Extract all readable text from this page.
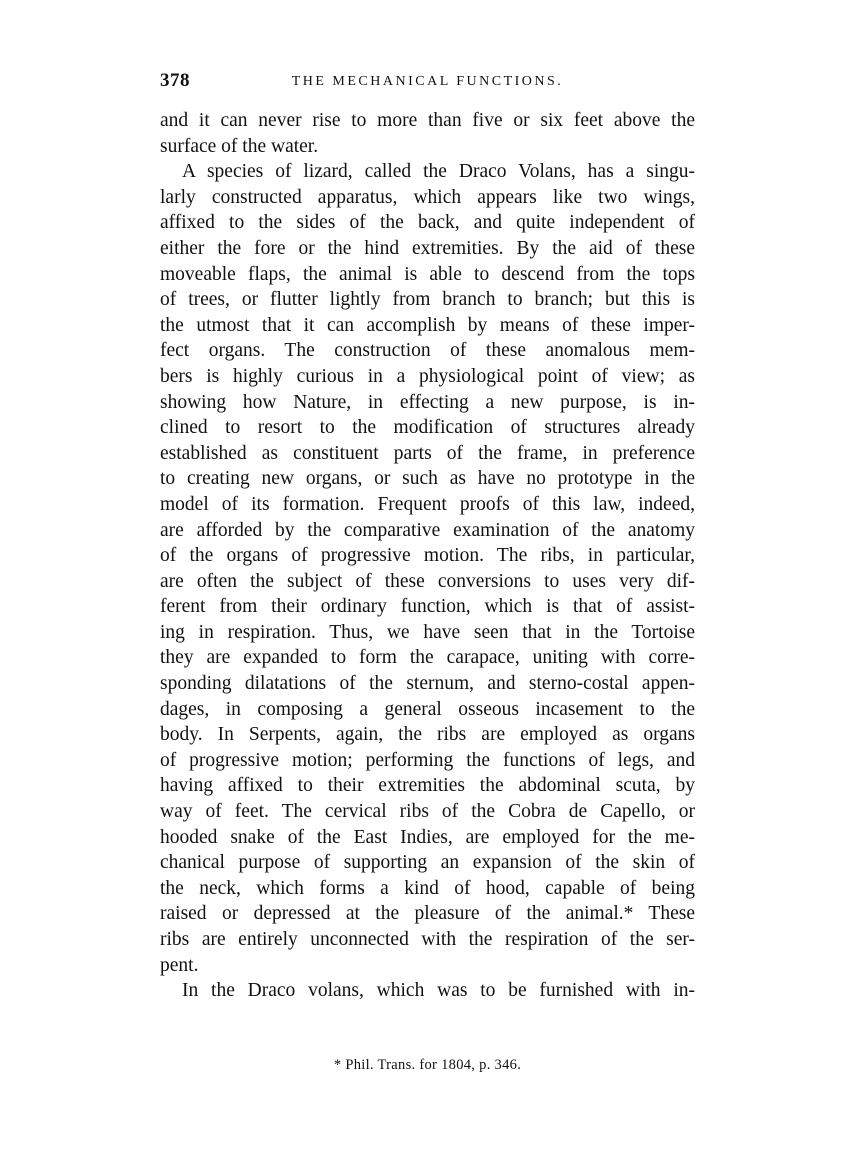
378	THE MECHANICAL FUNCTIONS.
and it can never rise to more than five or six feet above the
surface of the water.
A species of lizard, called the Draco Volans, has a singu-
larly constructed apparatus, which appears like two wings,
affixed to the sides of the back, and quite independent of
either the fore or the hind extremities. By the aid of these
moveable flaps, the animal is able to descend from the tops
of trees, or flutter lightly from branch to branch; but this is
the utmost that it can accomplish by means of these imper-
fect organs. The construction of these anomalous mem-
bers is highly curious in a physiological point of view; as
showing how Nature, in effecting a new purpose, is in-
clined to resort to the modification of structures already
established as constituent parts of the frame, in preference
to creating new organs, or such as have no prototype in the
model of its formation. Frequent proofs of this law, indeed,
are afforded by the comparative examination of the anatomy
of the organs of progressive motion. The ribs, in particular,
are often the subject of these conversions to uses very dif-
ferent from their ordinary function, which is that of assist-
ing in respiration. Thus, we have seen that in the Tortoise
they are expanded to form the carapace, uniting with corre-
sponding dilatations of the sternum, and sterno-costal appen-
dages, in composing a general osseous incasement to the
body. In Serpents, again, the ribs are employed as organs
of progressive motion; performing the functions of legs, and
having affixed to their extremities the abdominal scuta, by
way of feet. The cervical ribs of the Cobra de Capello, or
hooded snake of the East Indies, are employed for the me-
chanical purpose of supporting an expansion of the skin of
the neck, which forms a kind of hood, capable of being
raised or depressed at the pleasure of the animal.* These
ribs are entirely unconnected with the respiration of the ser-
pent.
In the Draco volans, which was to be furnished with in-
* Phil. Trans. for 1804, p. 346.
